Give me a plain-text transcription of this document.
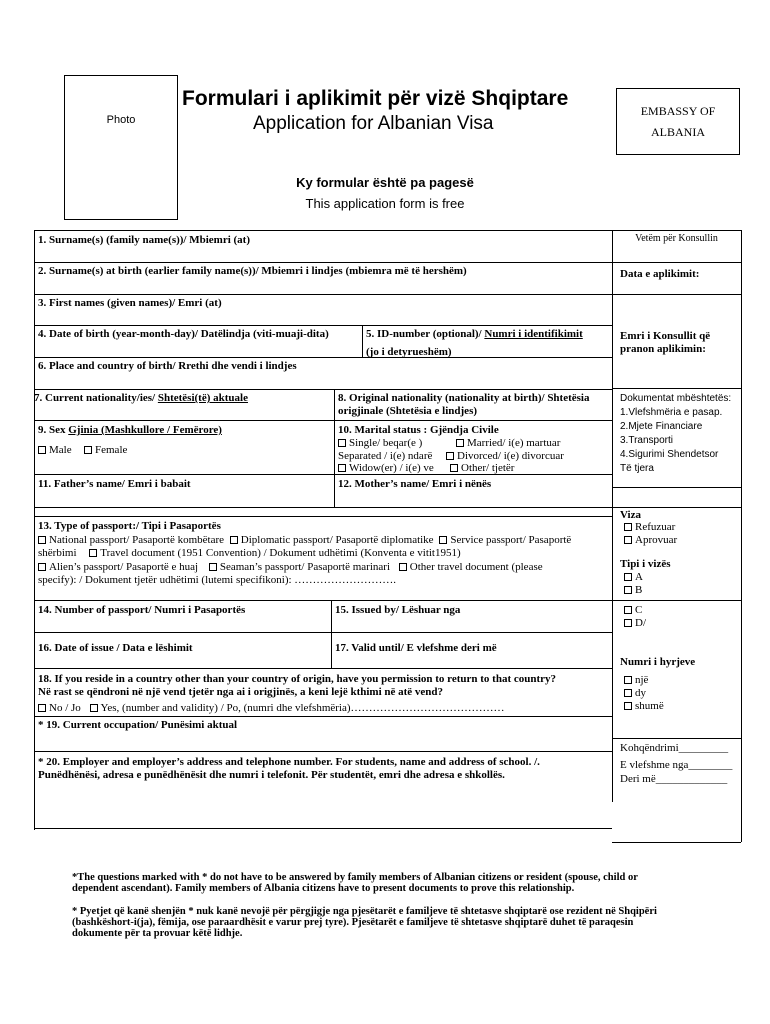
Photo
Formulari i aplikimit për vizë Shqiptare
Application for Albanian Visa
EMBASSY OF
ALBANIA
Ky formular është pa pagesë
This application form is free
1. Surname(s) (family name(s))/ Mbiemri (at)
2. Surname(s) at birth (earlier family name(s))/ Mbiemri i lindjes (mbiemra më të hershëm)
3. First names (given names)/ Emri (at)
4. Date of birth (year-month-day)/ Datëlindja (viti-muaji-dita)	5. ID-number (optional)/ Numri i identifikimit
(jo i detyrueshëm)
6. Place and country of birth/ Rrethi dhe vendi i lindjes
7. Current nationality/ies/ Shtetësi(të) aktuale	8. Original nationality (nationality at birth)/ Shtetësia
origjinale (Shtetësia e lindjes)
9. Sex Gjinia (Mashkullore / Femërore)
Male	Female
10. Marital status : Gjëndja Civile
Single/ beqar(e )	Married/ i(e) martuar
Separated / i(e) ndarë	Divorced/ i(e) divorcuar
Widow(er) / i(e) ve	Other/ tjetër
11. Father’s name/ Emri i babait	12. Mother’s name/ Emri i nënës
13. Type of passport:/ Tipi i Pasaportës
National passport/ Pasaportë kombëtare Diplomatic passport/ Pasaportë diplomatike Service passport/ Pasaportë
shërbimi Travel document (1951 Convention) / Dokument udhëtimi (Konventa e vitit1951)
Alien’s passport/ Pasaportë e huaj Seaman’s passport/ Pasaportë marinari Other travel document (please
specify): / Dokument tjetër udhëtimi (lutemi specifikoni): ……………………….
14. Number of passport/ Numri i Pasaportës	15. Issued by/ Lëshuar nga
16. Date of issue / Data e lëshimit	17. Valid until/ E vlefshme deri më
18. If you reside in a country other than your country of origin, have you permission to return to that country?
Në rast se qëndroni në një vend tjetër nga ai i origjinës, a keni lejë kthimi në atë vend?
No / Jo Yes, (number and validity) / Po, (numri dhe vlefshmëria)……………………………………
* 19. Current occupation/ Punësimi aktual
* 20. Employer and employer’s address and telephone number. For students, name and address of school. /.
Punëdhënësi, adresa e punëdhënësit dhe numri i telefonit. Për studentët, emri dhe adresa e shkollës.
Vetëm për Konsullin
Data e aplikimit:
Emri i Konsullit që
pranon aplikimin:
Dokumentat mbështetës:
1.Vlefshmëria e pasap.
2.Mjete Financiare
3.Transporti
4.Sigurimi Shendetsor
Të tjera
Viza
Refuzuar
Aprovuar
Tipi i vizës
A
B
C
D/
Numri i hyrjeve
një
dy
shumë
Kohqëndrimi_________
E vlefshme nga________
Deri më_____________

*The questions marked with * do not have to be answered by family members of Albanian citizens or resident (spouse, child or dependent ascendant). Family members of Albania citizens have to present documents to prove this relationship.

* Pyetjet që kanë shenjën * nuk kanë nevojë për përgjigje nga pjesëtarët e familjeve të shtetasve shqiptarë ose rezident në Shqipëri (bashkëshort-i(ja), fëmija, ose paraardhësit e varur prej tyre). Pjesëtarët e familjeve të shtetasve shqiptarë duhet të paraqesin dokumente për ta provuar këtë lidhje.
